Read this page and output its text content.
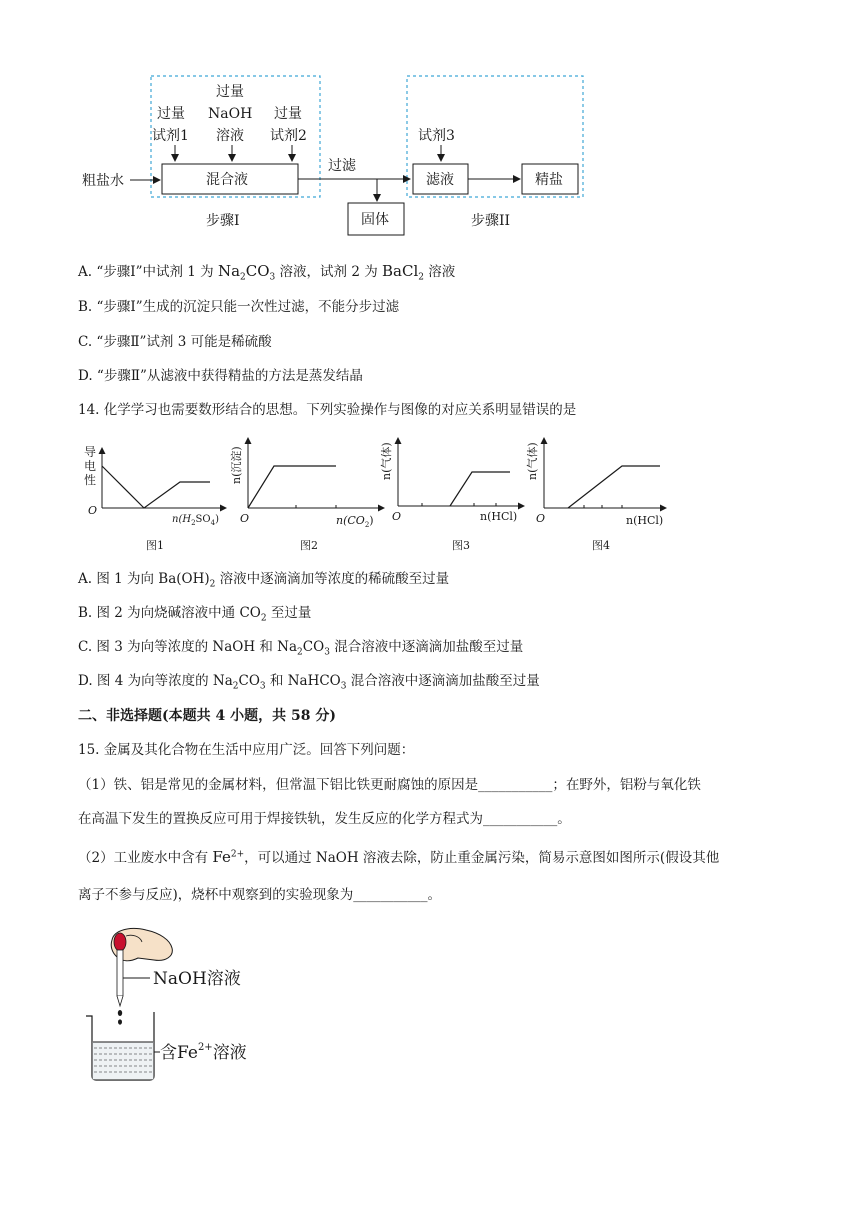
粗盐水
过量
试剂1
过量
NaOH
溶液
过量
试剂2
混合液
过滤
固体
试剂3
滤液	精盐
步骤I	步骤II
A. “步骤Ⅰ”中试剂 1 为 $Na_2CO_3$ 溶液，试剂 2 为 BaCl$_2$ 溶液
B. “步骤Ⅰ”生成的沉淀只能一次性过滤，不能分步过滤
C. “步骤Ⅱ”试剂 3 可能是稀硫酸
D. “步骤Ⅱ”从滤液中获得精盐的方法是蒸发结晶
14. 化学学习也需要数形结合的思想。下列实验操作与图像的对应关系明显错误的是
导
电
性
O
$n(H_2SO_4)$
图1
n(沉淀)
O	$n(CO_2)$
图2
n(气体)
O	n(HCl)
图3
n(气体)
O	n(HCl)
图4
A. 图 1 为向 $Ba(OH)_2$ 溶液中逐滴滴加等浓度的稀硫酸至过量
B. 图 2 为向烧碱溶液中通 $CO_2$ 至过量
C. 图 3 为向等浓度的 NaOH 和 $Na_2CO_3$ 混合溶液中逐滴滴加盐酸至过量
D. 图 4 为向等浓度的 $Na_2CO_3$ 和 NaHCO$_3$ 混合溶液中逐滴滴加盐酸至过量
二、非选择题(本题共 4 小题，共 58 分)
15. 金属及其化合物在生活中应用广泛。回答下列问题：
（1）铁、铝是常见的金属材料，但常温下铝比铁更耐腐蚀的原因是___________；在野外，铝粉与氧化铁
在高温下发生的置换反应可用于焊接铁轨，发生反应的化学方程式为___________。
（2）工业废水中含有 $Fe^{2+}$，可以通过 NaOH 溶液去除，防止重金属污染，简易示意图如图所示(假设其他
离子不参与反应)，烧杯中观察到的实验现象为___________。
NaOH溶液
含$Fe^{2+}$溶液
